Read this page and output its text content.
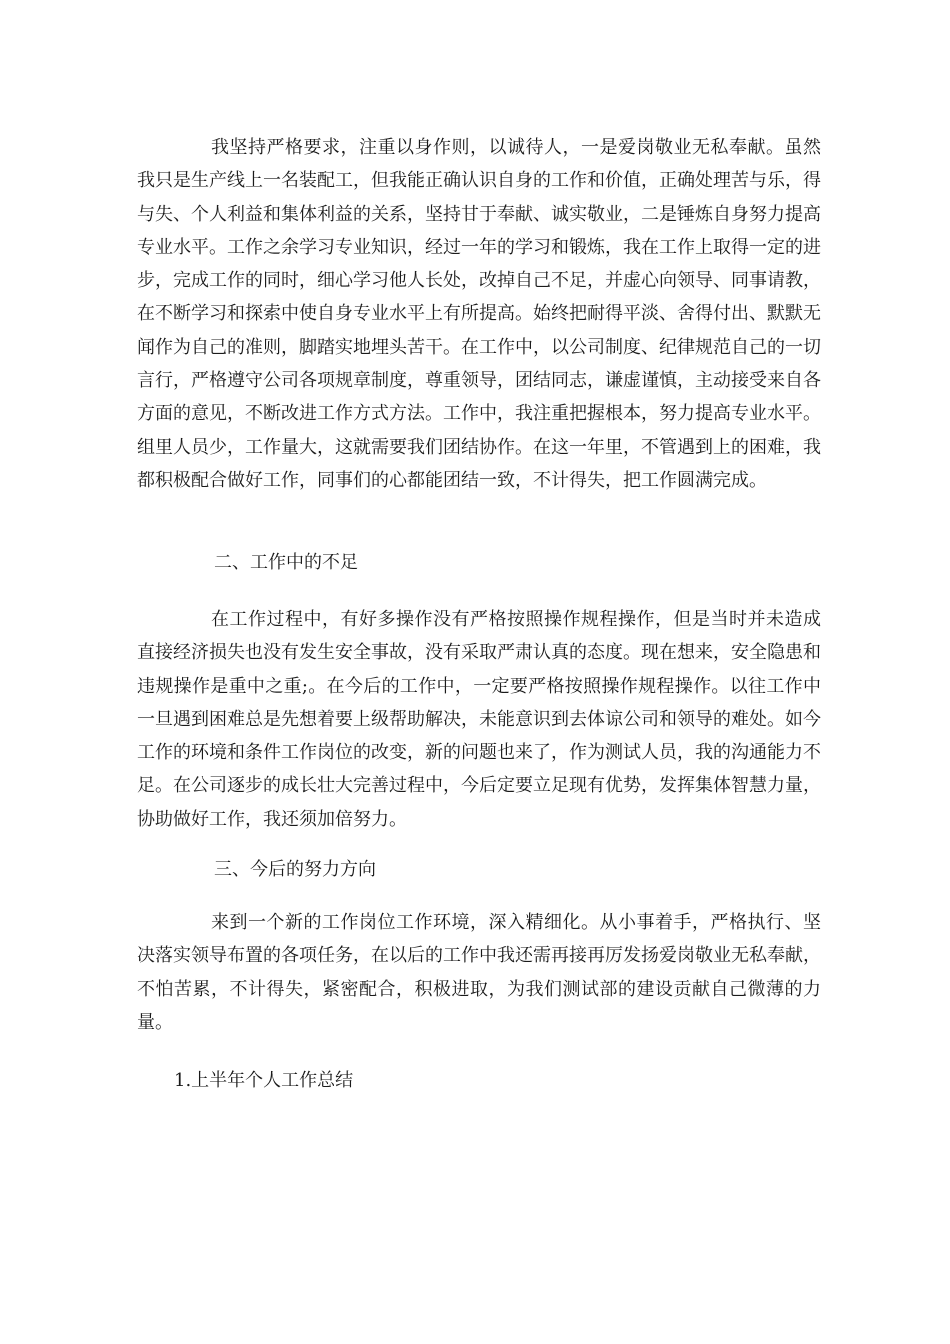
我坚持严格要求，注重以身作则，以诚待人，一是爱岗敬业无私奉献。虽然我只是生产线上一名装配工，但我能正确认识自身的工作和价值，正确处理苦与乐，得与失、个人利益和集体利益的关系，坚持甘于奉献、诚实敬业，二是锤炼自身努力提高专业水平。工作之余学习专业知识，经过一年的学习和锻炼，我在工作上取得一定的进步，完成工作的同时，细心学习他人长处，改掉自己不足，并虚心向领导、同事请教，在不断学习和探索中使自身专业水平上有所提高。始终把耐得平淡、舍得付出、默默无闻作为自己的准则，脚踏实地埋头苦干。在工作中，以公司制度、纪律规范自己的一切言行，严格遵守公司各项规章制度，尊重领导，团结同志，谦虚谨慎，主动接受来自各方面的意见，不断改进工作方式方法。工作中，我注重把握根本，努力提高专业水平。组里人员少，工作量大，这就需要我们团结协作。在这一年里，不管遇到上的困难，我都积极配合做好工作，同事们的心都能团结一致，不计得失，把工作圆满完成。

二、工作中的不足

在工作过程中，有好多操作没有严格按照操作规程操作，但是当时并未造成直接经济损失也没有发生安全事故，没有采取严肃认真的态度。现在想来，安全隐患和违规操作是重中之重;。在今后的工作中，一定要严格按照操作规程操作。以往工作中一旦遇到困难总是先想着要上级帮助解决，未能意识到去体谅公司和领导的难处。如今工作的环境和条件工作岗位的改变，新的问题也来了，作为测试人员，我的沟通能力不足。在公司逐步的成长壮大完善过程中，今后定要立足现有优势，发挥集体智慧力量，协助做好工作，我还须加倍努力。

三、今后的努力方向

来到一个新的工作岗位工作环境，深入精细化。从小事着手，严格执行、坚决落实领导布置的各项任务，在以后的工作中我还需再接再厉发扬爱岗敬业无私奉献，不怕苦累，不计得失，紧密配合，积极进取，为我们测试部的建设贡献自己微薄的力量。

1.上半年个人工作总结
